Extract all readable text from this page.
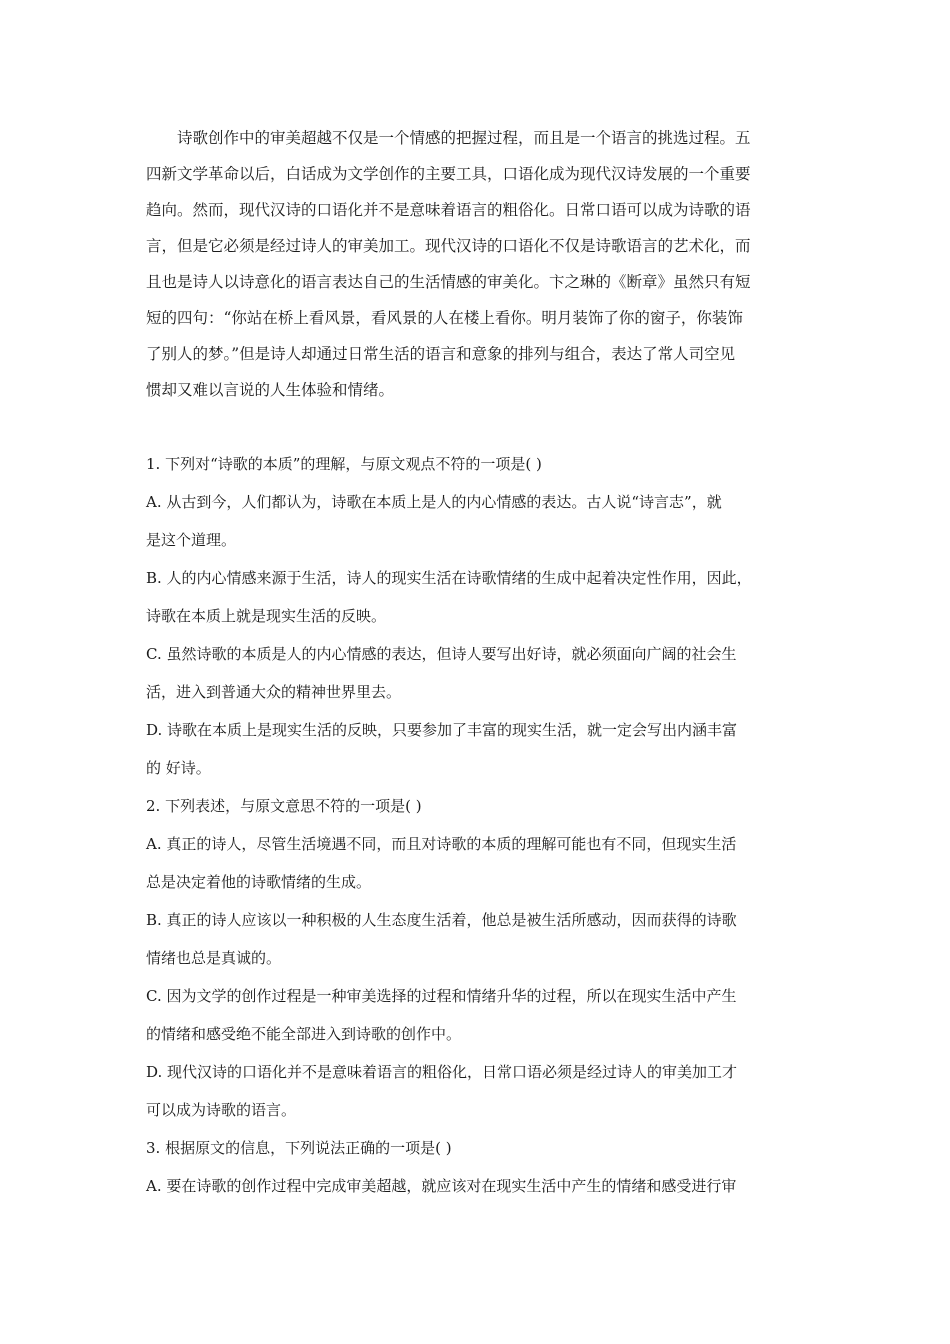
诗歌创作中的审美超越不仅是一个情感的把握过程，而且是一个语言的挑选过程。五
四新文学革命以后，白话成为文学创作的主要工具，口语化成为现代汉诗发展的一个重要
趋向。然而，现代汉诗的口语化并不是意味着语言的粗俗化。日常口语可以成为诗歌的语
言，但是它必须是经过诗人的审美加工。现代汉诗的口语化不仅是诗歌语言的艺术化，而
且也是诗人以诗意化的语言表达自己的生活情感的审美化。卞之琳的《断章》虽然只有短
短的四句：“你站在桥上看风景，看风景的人在楼上看你。明月装饰了你的窗子，你装饰
了别人的梦。”但是诗人却通过日常生活的语言和意象的排列与组合，表达了常人司空见
惯却又难以言说的人生体验和情绪。
1. 下列对“诗歌的本质”的理解，与原文观点不符的一项是( )
A. 从古到今，人们都认为，诗歌在本质上是人的内心情感的表达。古人说“诗言志”，就
是这个道理。
B. 人的内心情感来源于生活，诗人的现实生活在诗歌情绪的生成中起着决定性作用，因此，
诗歌在本质上就是现实生活的反映。
C. 虽然诗歌的本质是人的内心情感的表达，但诗人要写出好诗，就必须面向广阔的社会生
活，进入到普通大众的精神世界里去。
D. 诗歌在本质上是现实生活的反映，只要参加了丰富的现实生活，就一定会写出内涵丰富
的 好诗。
2. 下列表述，与原文意思不符的一项是( )
A. 真正的诗人，尽管生活境遇不同，而且对诗歌的本质的理解可能也有不同，但现实生活
总是决定着他的诗歌情绪的生成。
B. 真正的诗人应该以一种积极的人生态度生活着，他总是被生活所感动，因而获得的诗歌
情绪也总是真诚的。
C. 因为文学的创作过程是一种审美选择的过程和情绪升华的过程，所以在现实生活中产生
的情绪和感受绝不能全部进入到诗歌的创作中。
D. 现代汉诗的口语化并不是意味着语言的粗俗化，日常口语必须是经过诗人的审美加工才
可以成为诗歌的语言。
3. 根据原文的信息，下列说法正确的一项是( )
A. 要在诗歌的创作过程中完成审美超越，就应该对在现实生活中产生的情绪和感受进行审
